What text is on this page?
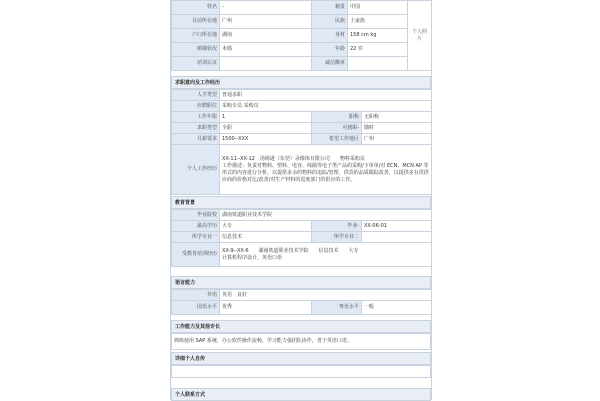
姓名	-	籍贯	中国	个人照片
目前所在地	广州	民族	土家族	
户口所在地	湖南	身材	158 cm kg	
婚姻状况	未婚	年龄	22 岁	
培训认证		诚信徽章		
求职意向及工作经历
人才类型	普通求职		
应聘职位	采购专员 采购员		
工作年限	1	职称	无职称
求职类型	全职	可到职-	随时
月薪要求	1500--XXX	希望工作地区	广州
个人工作经历	XX-11--XX-12　汤姆逊（东莞）录像体有限公司　　物料采购员
工作描述：负责对物料、塑料、电容、线圈等电子类产品的采购/下单单/对 ECN、MCN AP 等形式的内容进行分析，以提供多余的物料的追踪/管理，供货的品质跟踪改善，以提供多有供供应商的价格对比/改善/对生产材料的进度部门的供应的工作。		
教育背景
毕业院校	湖南铁道职业技术学院		
最高学历	大专	毕业-	XX-06-01
所学专业一	信息技术	所学专业二	
受教育培训经历	XX-9--XX-6　　湖南铁道职业技术学院　　信息技术　　大专
计算机程序设计，英语口语		
语言能力
外语	英语　良好		
国语水平	优秀	粤语水平	一般
工作能力及其他专长
熟练使用 SAP 系统，办公软件操作流畅，学习能力强团队协作，善于英语口语。
详细个人自传
个人联系方式
